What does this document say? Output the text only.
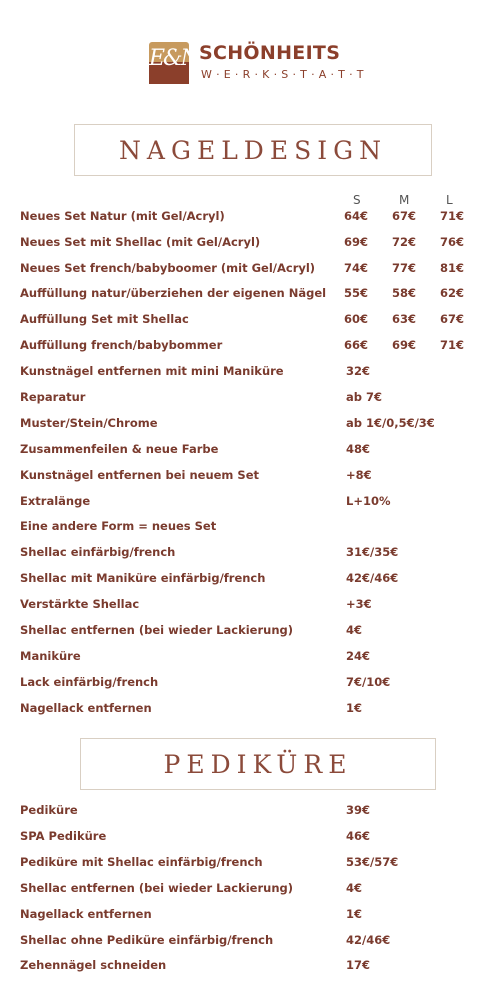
E&N SCHÖNHEITS
W·E·R·K·S·T·A·T·T
NAGELDESIGN
S	M	L
Neues Set Natur (mit Gel/Acryl)	64€ 67€ 71€
Neues Set mit Shellac (mit Gel/Acryl)	69€ 72€ 76€
Neues Set french/babyboomer (mit Gel/Acryl)	74€ 77€ 81€
Auffüllung natur/überziehen der eigenen Nägel 55€ 58€ 62€
Auffüllung Set mit Shellac	60€ 63€ 67€
Auffüllung french/babybommer	66€ 69€ 71€
Kunstnägel entfernen mit mini Maniküre	32€
Reparatur	ab 7€
Muster/Stein/Chrome	ab 1€/0,5€/3€
Zusammenfeilen & neue Farbe	48€
Kunstnägel entfernen bei neuem Set	+8€
Extralänge	L+10%
Eine andere Form = neues Set
Shellac einfärbig/french	31€/35€
Shellac mit Maniküre einfärbig/french	42€/46€
Verstärkte Shellac	+3€
Shellac entfernen (bei wieder Lackierung)	4€
Maniküre	24€
Lack einfärbig/french	7€/10€
Nagellack entfernen	1€
PEDIKÜRE
Pediküre	39€
SPA Pediküre	46€
Pediküre mit Shellac einfärbig/french	53€/57€
Shellac entfernen (bei wieder Lackierung)	4€
Nagellack entfernen	1€
Shellac ohne Pediküre einfärbig/french	42/46€
Zehennägel schneiden	17€
